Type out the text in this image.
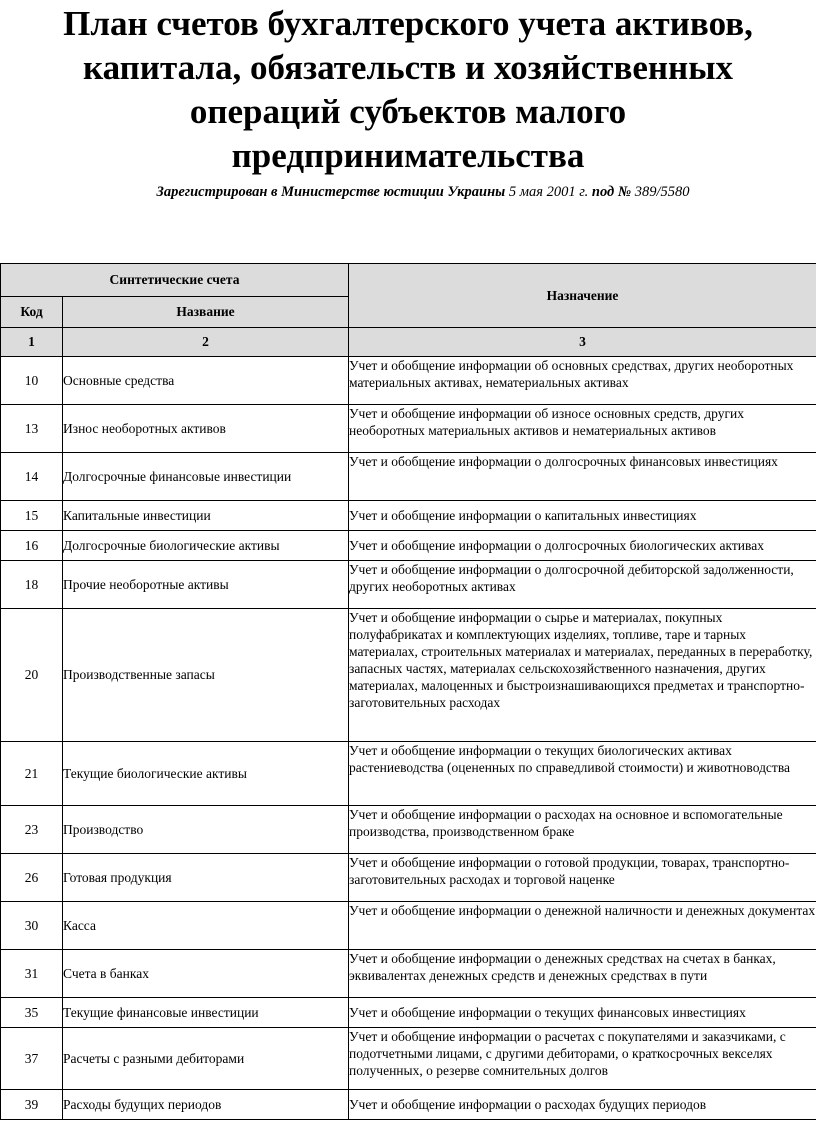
План счетов бухгалтерского учета активов,
капитала, обязательств и хозяйственных
операций субъектов малого
предпринимательства
Зарегистрирован в Министерстве юстиции Украины 5 мая 2001 г. под № 389/5580
Синтетические счета		Назначение
Код	Название	
1	2	3
10	Основные средства	Учет и обобщение информации об основных средствах, других необоротных материальных активах, нематериальных активах
13	Износ необоротных активов	Учет и обобщение информации об износе основных средств, других необоротных материальных активов и нематериальных активов
14	Долгосрочные финансовые инвестиции	Учет и обобщение информации о долгосрочных финансовых инвестициях
15	Капитальные инвестиции	Учет и обобщение информации о капитальных инвестициях
16	Долгосрочные биологические активы	Учет и обобщение информации о долгосрочных биологических активах
18	Прочие необоротные активы	Учет и обобщение информации о долгосрочной дебиторской задолженности, других необоротных активах
20	Производственные запасы	Учет и обобщение информации о сырье и материалах, покупных полуфабрикатах и комплектующих изделиях, топливе, таре и тарных материалах, строительных материалах и материалах, переданных в переработку, запасных частях, материалах сельскохозяйственного назначения, других материалах, малоценных и быстроизнашивающихся предметах и транспортно-заготовительных расходах
21	Текущие биологические активы	Учет и обобщение информации о текущих биологических активах растениеводства (оцененных по справедливой стоимости) и животноводства
23	Производство	Учет и обобщение информации о расходах на основное и вспомогательные производства, производственном браке
26	Готовая продукция	Учет и обобщение информации о готовой продукции, товарах, транспортно-заготовительных расходах и торговой наценке
30	Касса	Учет и обобщение информации о денежной наличности и денежных документах
31	Счета в банках	Учет и обобщение информации о денежных средствах на счетах в банках, эквивалентах денежных средств и денежных средствах в пути
35	Текущие финансовые инвестиции	Учет и обобщение информации о текущих финансовых инвестициях
37	Расчеты с разными дебиторами	Учет и обобщение информации о расчетах с покупателями и заказчиками, с подотчетными лицами, с другими дебиторами, о краткосрочных векселях полученных, о резерве сомнительных долгов
39	Расходы будущих периодов	Учет и обобщение информации о расходах будущих периодов
